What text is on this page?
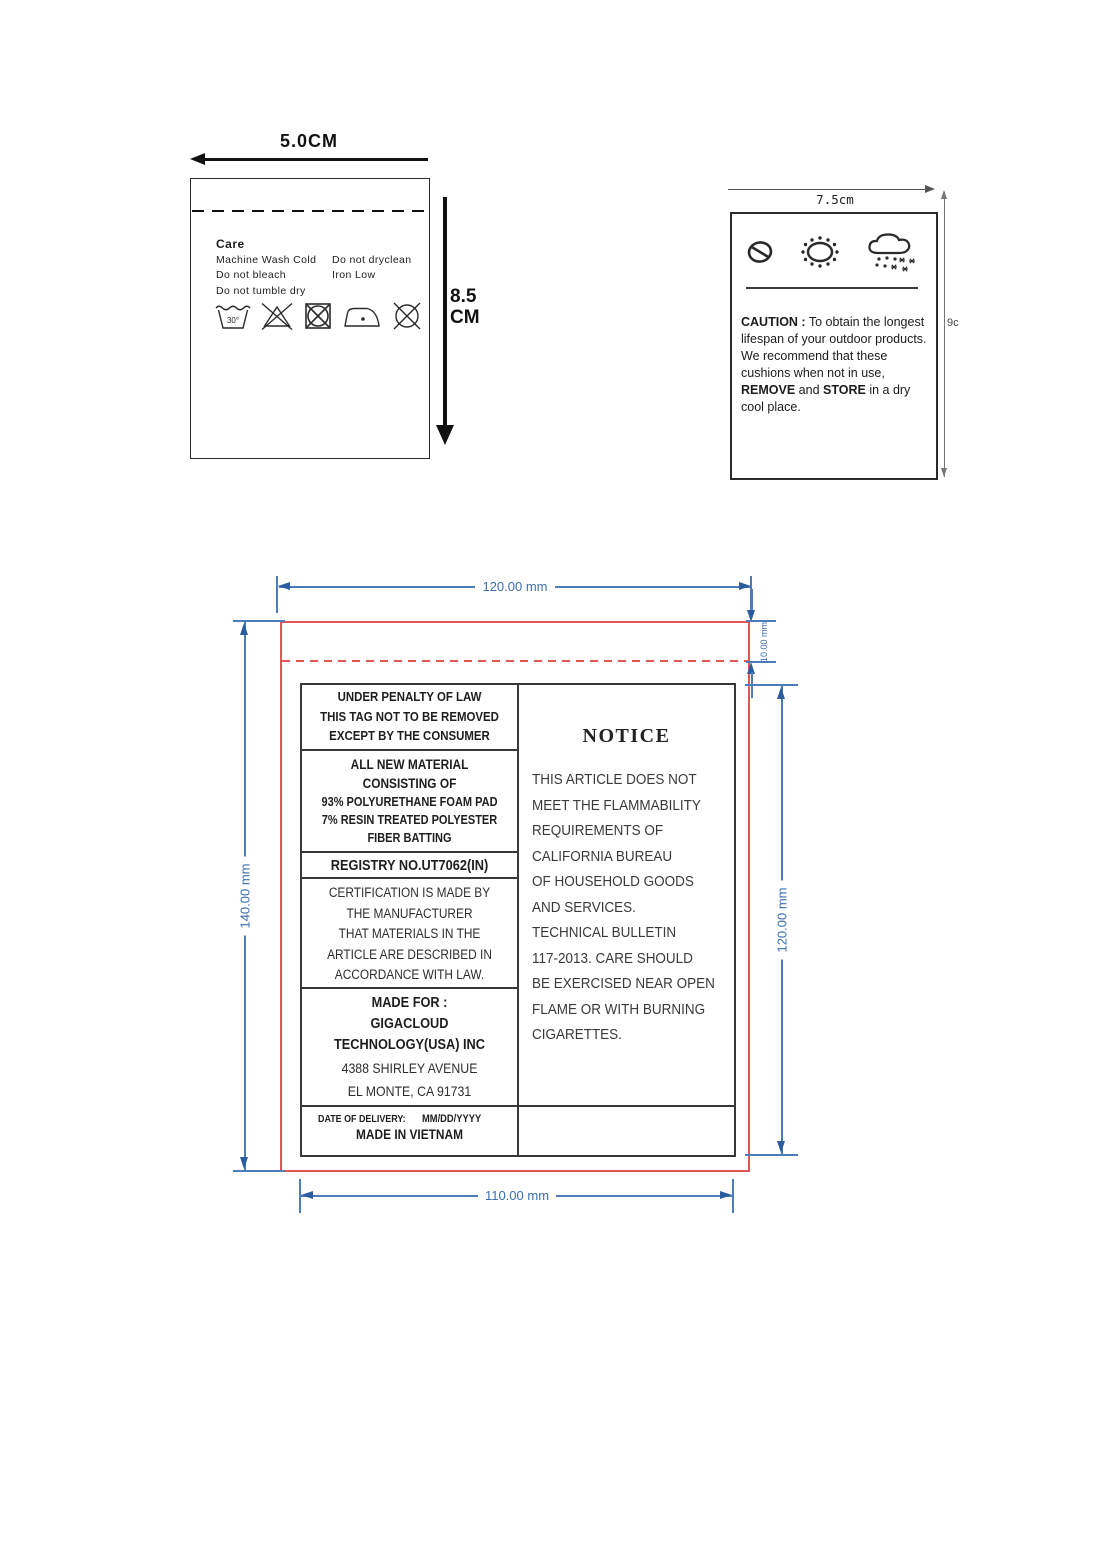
5.0CM
Care
Machine Wash Cold
Do not bleach
Do not tumble dry
Do not dryclean
Iron Low
30°
8.5
CM
7.5cm
CAUTION : To obtain the longest
lifespan of your outdoor products.
We recommend that these
cushions when not in use,
REMOVE and STORE in a dry
cool place.
9c
UNDER PENALTY OF LAW
THIS TAG NOT TO BE REMOVED
EXCEPT BY THE CONSUMER
ALL NEW MATERIAL
CONSISTING OF
93% POLYURETHANE FOAM PAD
7% RESIN TREATED POLYESTER
FIBER BATTING
REGISTRY NO.UT7062(IN)
CERTIFICATION IS MADE BY
THE MANUFACTURER
THAT MATERIALS IN THE
ARTICLE ARE DESCRIBED IN
ACCORDANCE WITH LAW.
MADE FOR :
GIGACLOUD
TECHNOLOGY(USA) INC
4388 SHIRLEY AVENUE
EL MONTE, CA 91731
DATE OF DELIVERY: MM/DD/YYYY
MADE IN VIETNAM
NOTICE
THIS ARTICLE DOES NOT
MEET THE FLAMMABILITY
REQUIREMENTS OF
CALIFORNIA BUREAU
OF HOUSEHOLD GOODS
AND SERVICES.
TECHNICAL BULLETIN
117-2013. CARE SHOULD
BE EXERCISED NEAR OPEN
FLAME OR WITH BURNING
CIGARETTES.
120.00 mm
140.00 mm	120.00 mm
10.00 mm
110.00 mm
